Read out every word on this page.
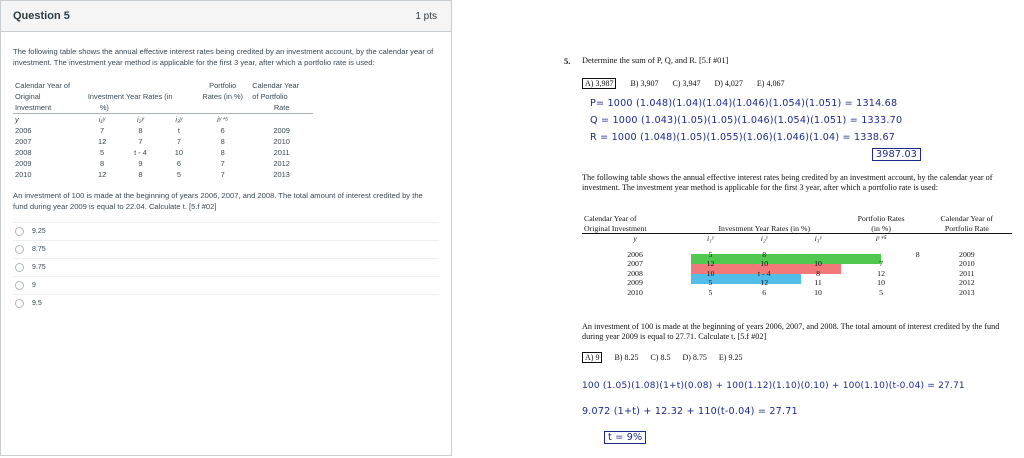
Question 5	1 pts

The following table shows the annual effective interest rates being credited by an investment account, by the calendar year of investment. The investment year method is applicable for the first 3 year, after which a portfolio rate is used:

Calendar Year of				Portfolio	Calendar Year
Original	Investment Year Rates (in			Rates (in %)	of Portfolio
Investment	%)				Rate
y	i₁ʸ	i₂ʸ	i₃ʸ	iʸ⁺⁵	
2006	7	8	t	6	2009
2007	12	7	7	8	2010
2008	5	t - 4	10	8	2011
2009	8	9	6	7	2012
2010	12	8	5	7	2013

An investment of 100 is made at the beginning of years 2006, 2007, and 2008. The total amount of interest credited by the fund during year 2009 is equal to 22.04. Calculate t. [5.f #02]

9.25
8.75
9.75
9
9.5
5. Determine the sum of P, Q, and R. [5.f #01]
A) 3,987	B) 3,907 C) 3,947 D) 4,027 E) 4,067
P= 1000 (1.048)(1.04)(1.04)(1.046)(1.054)(1.051) = 1314.68
Q = 1000 (1.043)(1.05)(1.05)(1.046)(1.054)(1.051) = 1333.70
R = 1000 (1.048)(1.05)(1.055)(1.06)(1.046)(1.04) = 1338.67
3987.03
The following table shows the annual effective interest rates being credited by an investment account, by the calendar year of investment. The investment year method is applicable for the first 3 year, after which a portfolio rate is used:
Calendar Year of				Portfolio Rates	Calendar Year of
Original Investment	Investment Year Rates (in %)			(in %)	Portfolio Rate
y	i₁ʸ	i₂ʸ	i₃ʸ	iʸ⁺⁵	

2006	5	8		8	2009
2007	12	10	10	7	2010
2008	10	t - 4	8	12	2011
2009	5	12	11	10	2012
2010	5	6	10	5	2013
An investment of 100 is made at the beginning of years 2006, 2007, and 2008. The total amount of interest credited by the fund during year 2009 is equal to 27.71. Calculate t. [5.f #02]
A) 9	B) 8.25 C) 8.5 D) 8.75 E) 9.25
100 (1.05)(1.08)(1+t)(0.08) + 100(1.12)(1.10)(0.10) + 100(1.10)(t-0.04) = 27.71
9.072 (1+t) + 12.32 + 110(t-0.04) = 27.71
t = 9%
